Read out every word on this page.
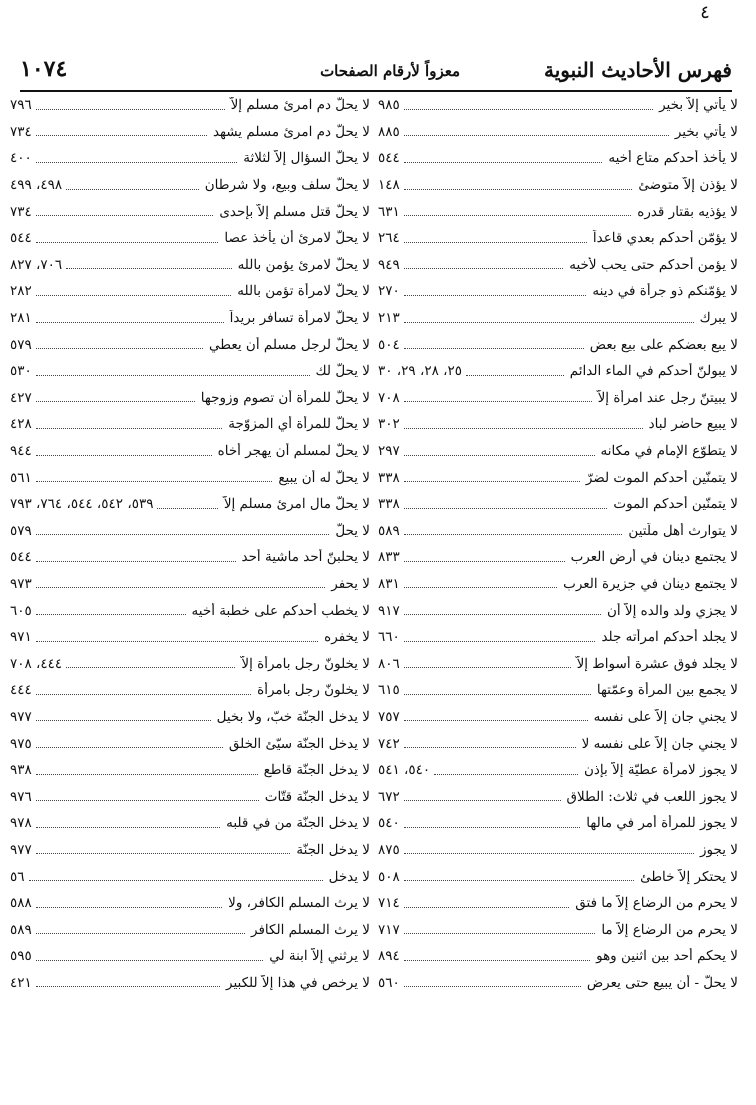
٤
فهرس الأحاديث النبوية
معزواً لأرقام الصفحات
١٠٧٤
لا يأتي إلاّ بخير
٩٨٥
لا يأتي بخير
٨٨٥
لا يأخذ أحدكم متاع أخيه
٥٤٤
لا يؤذن إلاّ متوضئ
١٤٨
لا يؤذيه بقتار قدره
٦٣١
لا يؤمّن أحدكم بعدي قاعداً
٢٦٤
لا يؤمن أحدكم حتى يحب لأخيه
٩٤٩
لا يؤمّنكم ذو جرأة في دينه
٢٧٠
لا يبرك
٢١٣
لا يبع بعضكم على بيع بعض
٥٠٤
لا يبولنّ أحدكم في الماء الدائم
٢٥، ٢٨، ٢٩، ٣٠
لا يبيتنّ رجل عند امرأة إلاّ
٧٠٨
لا يبيع حاضر لباد
٣٠٢
لا يتطوّع الإمام في مكانه
٢٩٧
لا يتمنّين أحدكم الموت لضرّ
٣٣٨
لا يتمنّين أحدكم الموت
٣٣٨
لا يتوارث أهل ملّتين
٥٨٩
لا يجتمع دينان في أرض العرب
٨٣٣
لا يجتمع دينان في جزيرة العرب
٨٣١
لا يجزي ولد والده إلاّ أن
٩١٧
لا يجلد أحدكم امرأته جلد
٦٦٠
لا يجلد فوق عشرة أسواط إلاّ
٨٠٦
لا يجمع بين المرأة وعمّتها
٦١٥
لا يجني جان إلاّ على نفسه
٧٥٧
لا يجني جان إلاّ على نفسه لا
٧٤٢
لا يجوز لامرأة عطيّة إلاّ بإذن
٥٤٠، ٥٤١
لا يجوز اللعب في ثلاث: الطلاق
٦٧٢
لا يجوز للمرأة أمر في مالها
٥٤٠
لا يجوز
٨٧٥
لا يحتكر إلاّ خاطئ
٥٠٨
لا يحرم من الرضاع إلاّ ما فتق
٧١٤
لا يحرم من الرضاع إلاّ ما
٧١٧
لا يحكم أحد بين اثنين وهو
٨٩٤
لا يحلّ - أن يبيع حتى يعرض
٥٦٠
لا يحلّ دم امرئ مسلم إلاّ
٧٩٦
لا يحلّ دم امرئ مسلم يشهد
٧٣٤
لا يحلّ السؤال إلاّ لثلاثة
٤٠٠
لا يحلّ سلف وبيع، ولا شرطان
٤٩٨، ٤٩٩
لا يحلّ قتل مسلم إلاّ بإحدى
٧٣٤
لا يحلّ لامرئ أن يأخذ عصا
٥٤٤
لا يحلّ لامرئ يؤمن بالله
٧٠٦، ٨٢٧
لا يحلّ لامرأة تؤمن بالله
٢٨٢
لا يحلّ لامرأة تسافر بريداً
٢٨١
لا يحلّ لرجل مسلم أن يعطي
٥٧٩
لا يحلّ لك
٥٣٠
لا يحلّ للمرأة أن تصوم وزوجها
٤٢٧
لا يحلّ للمرأة أي المزوّجة
٤٢٨
لا يحلّ لمسلم أن يهجر أخاه
٩٤٤
لا يحلّ له أن يبيع
٥٦١
لا يحلّ مال امرئ مسلم إلاّ
٥٣٩، ٥٤٢، ٥٤٤، ٧٦٤، ٧٩٣
لا يحلّ
٥٧٩
لا يحلبنّ أحد ماشية أحد
٥٤٤
لا يحفر
٩٧٣
لا يخطب أحدكم على خطبة أخيه
٦٠٥
لا يخفره
٩٧١
لا يخلونّ رجل بامرأة إلاّ
٤٤٤، ٧٠٨
لا يخلونّ رجل بامرأة
٤٤٤
لا يدخل الجنّة خبّ، ولا بخيل
٩٧٧
لا يدخل الجنّة سيّئ الخلق
٩٧٥
لا يدخل الجنّة قاطع
٩٣٨
لا يدخل الجنّة قتّات
٩٧٦
لا يدخل الجنّة من في قلبه
٩٧٨
لا يدخل الجنّة
٩٧٧
لا يدخل
٥٦
لا يرث المسلم الكافر، ولا
٥٨٨
لا يرث المسلم الكافر
٥٨٩
لا يرثني إلاّ ابنة لي
٥٩٥
لا يرخص في هذا إلاّ للكبير
٤٢١
